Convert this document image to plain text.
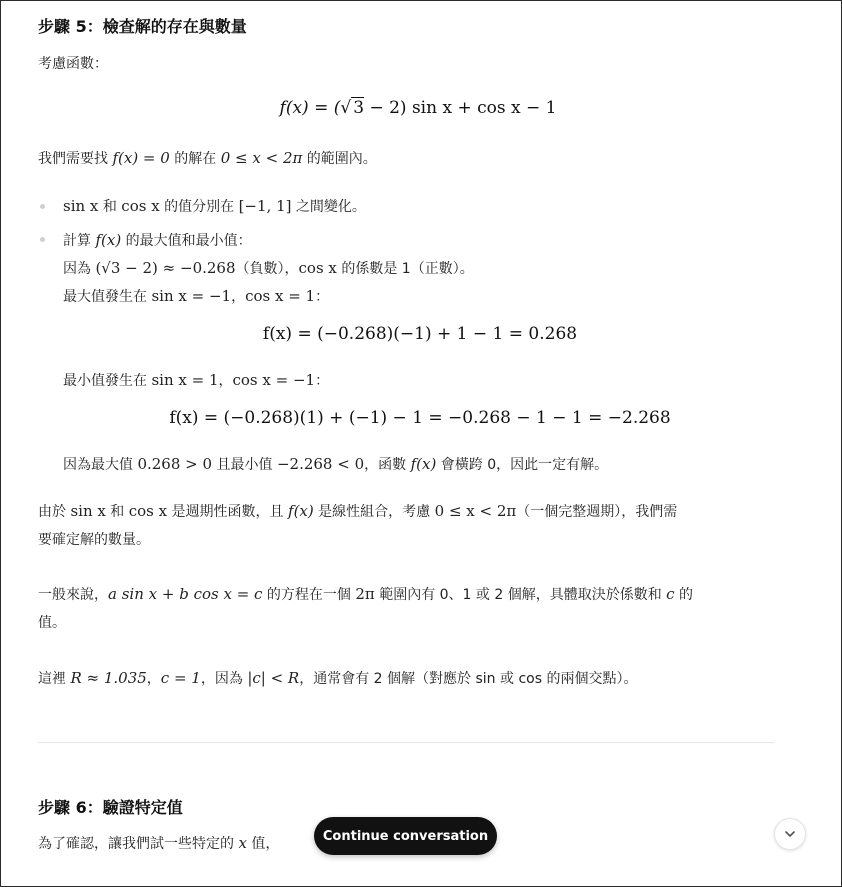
步驟 5：檢查解的存在與數量
考慮函數：
f(x) = (√ 3 − 2) sin x + cos x − 1
我們需要找 f(x) = 0 的解在 0 ≤ x < 2π 的範圍內。
sin x 和 cos x 的值分別在 [−1, 1] 之間變化。
計算 f(x) 的最大值和最小值：
因為 (√3 − 2) ≈ −0.268（負數），cos x 的係數是 1（正數）。
最大值發生在 sin x = −1，cos x = 1：
f(x) = (−0.268)(−1) + 1 − 1 = 0.268
最小值發生在 sin x = 1，cos x = −1：
f(x) = (−0.268)(1) + (−1) − 1 = −0.268 − 1 − 1 = −2.268
因為最大值 0.268 > 0 且最小值 −2.268 < 0，函數 f(x) 會橫跨 0，因此一定有解。
由於 sin x 和 cos x 是週期性函數，且 f(x) 是線性組合，考慮 0 ≤ x < 2π（一個完整週期），我們需
要確定解的數量。
一般來說，a sin x + b cos x = c 的方程在一個 2π 範圍內有 0、1 或 2 個解，具體取決於係數和 c 的
值。
這裡 R ≈ 1.035，c = 1，因為 |c| < R，通常會有 2 個解（對應於 sin 或 cos 的兩個交點）。
步驟 6：驗證特定值
為了確認，讓我們試一些特定的 x 值，	Continue conversation
